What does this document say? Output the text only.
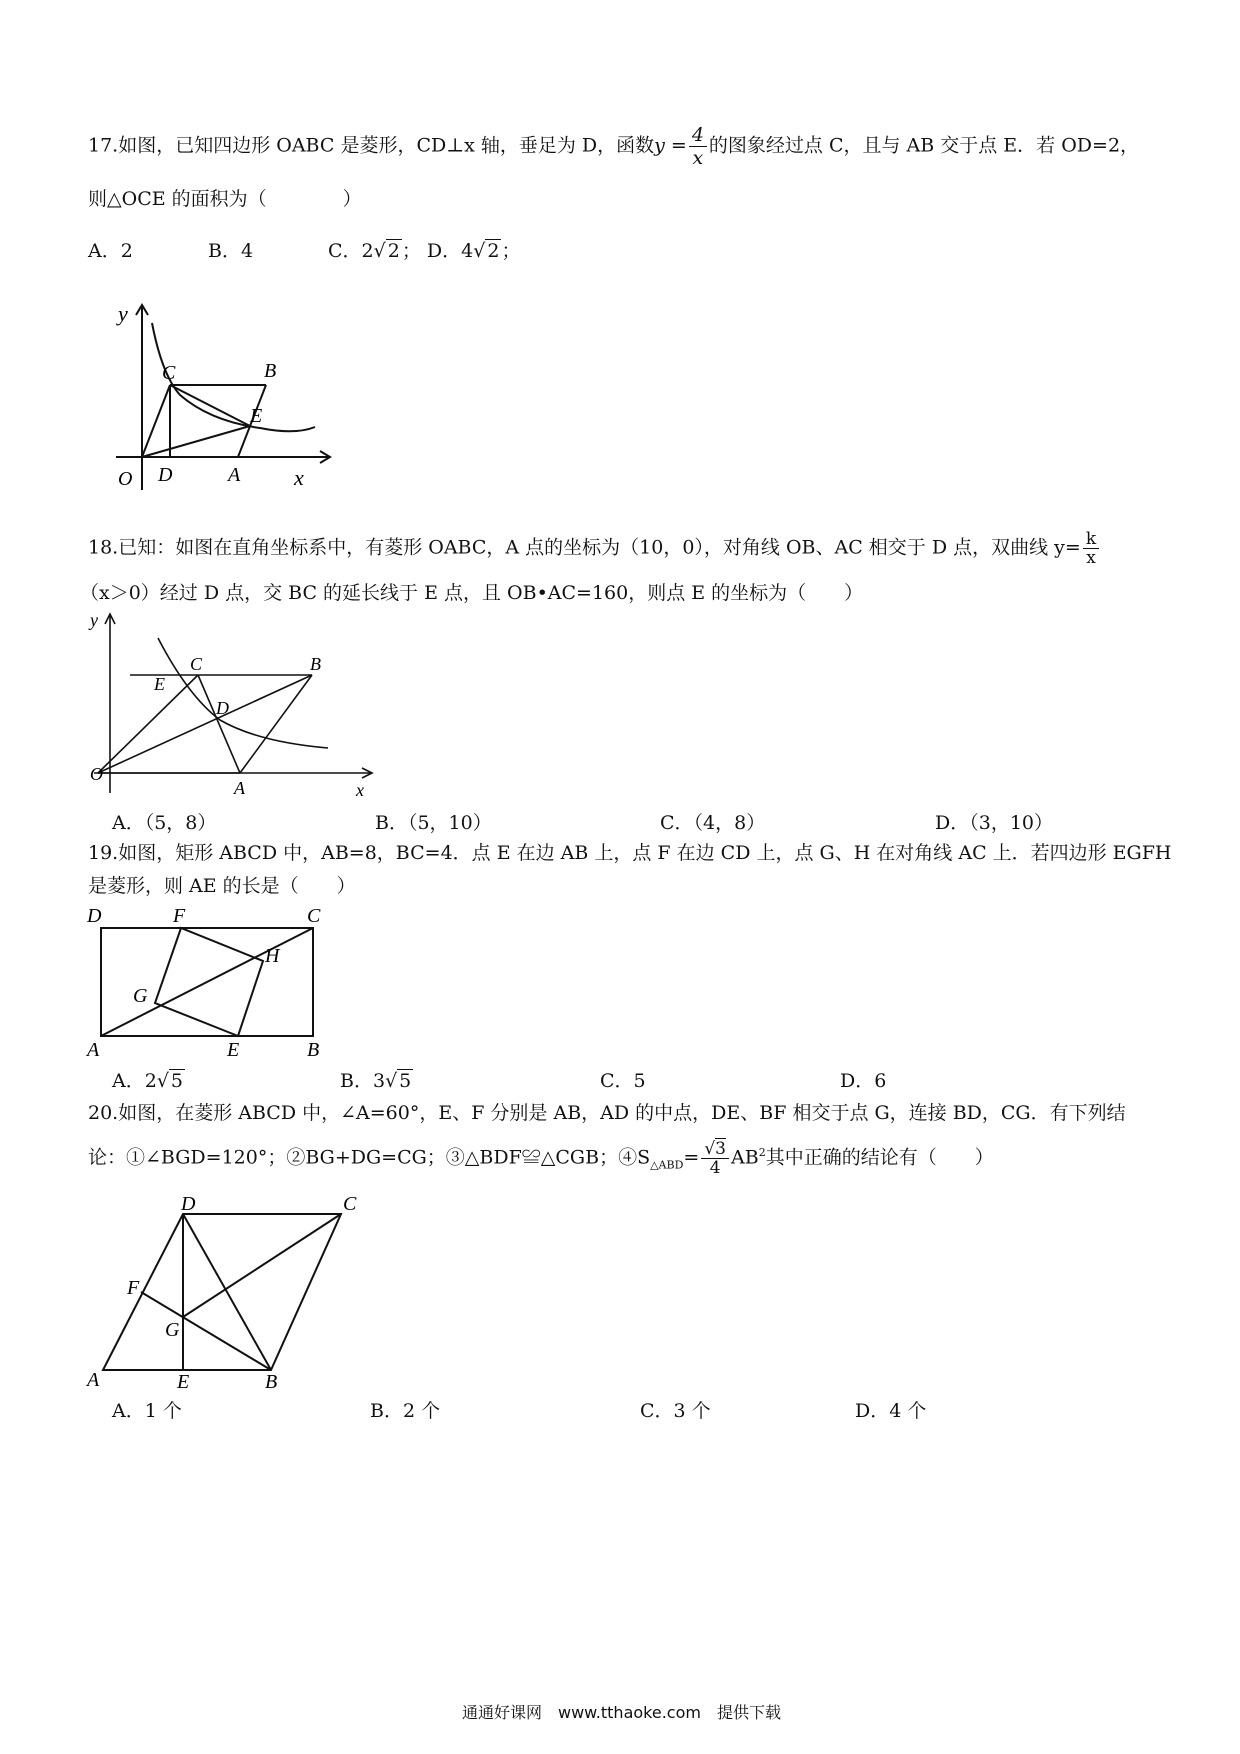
17.如图，已知四边形 OABC 是菱形，CD⊥x 轴，垂足为 D，函数$y = \frac{4}{x}$ 的图象经过点 C，且与 AB 交于点 E．若 OD=2，
则△OCE 的面积为（　　　　）
A．2	B．4	C．2√ 2 ； D．4√ 2 ；
y
x
O D	A
C	B
E
18.已知：如图在直角坐标系中，有菱形 OABC，A 点的坐标为（10，0），对角线 OB、AC 相交于 D 点，双曲线 $y= \frac{k}{x}$
（x＞0）经过 D 点，交 BC 的延长线于 E 点，且 OB•AC=160，则点 E 的坐标为（　　）
y
x
O
A
B
C
D
E
A．（5，8）	B．（5，10）	C．（4，8）	D．（3，10）
19.如图，矩形 ABCD 中，AB=8，BC=4．点 E 在边 AB 上，点 F 在边 CD 上，点 G、H 在对角线 AC 上．若四边形 EGFH
是菱形，则 AE 的长是（　　）
D	F	C
H
G
A	E	B
A．2√ 5	B．3√ 5	C．5	D．6
20.如图，在菱形 ABCD 中，∠A=60°，E、F 分别是 AB，AD 的中点，DE、BF 相交于点 G，连接 BD，CG．有下列结
论：①∠BGD=120°；②BG+DG=CG；③△BDF≌△CGB；$④S_{\triangle ABD}= \frac{√3}{4} AB^2$其中正确的结论有（　　）
D	C
F
G
A	E	B
A．1 个	B．2 个	C．3 个	D．4 个
通通好课网　www.tthaoke.com　提供下载
